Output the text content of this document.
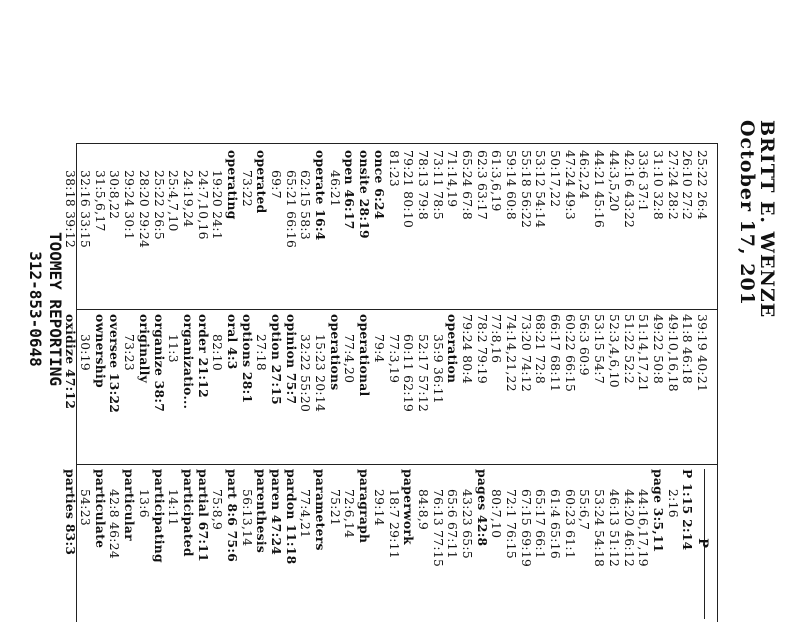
BRITT E. WENZE
October 17, 201
25:22 26:4
26:10 27:2
27:24 28:2
31:10 32:8
33:6 37:1
42:16 43:22
44:3,5,20
44:21 45:16
46:2,24
47:24 49:3
50:17,22
53:12 54:14
55:18 56:22
59:14 60:8
61:3,6,19
62:3 63:17
65:24 67:8
71:14,19
73:11 78:5
78:13 79:8
79:21 80:10
81:23
once 6:24
onsite 28:19
open 46:17
46:21
operate 16:4
62:15 58:3
65:21 66:16
69:7
operated
73:22
operating
19:20 24:1
24:7,10,16
24:19,24
25:4,7,10
25:22 26:5
28:20 29:24
29:24 30:1
30:8,22
31:5,6,17
32:16 33:15
38:18 39:12
39:19 40:21
41:8 46:18
49:10,16,18
49:22 50:8
51:14,17,21
51:22 52:2
52:3,4,6,10
53:15 54:7
56:3 60:9
60:22 66:15
66:17 68:11
68:21 72:8
73:20 74:12
74:14,21,22
77:8,16
78:2 79:19
79:24 80:4
operation
35:9 36:11
52:17 57:12
60:11 62:19
77:3,19
79:4
operational
77:4,20
operations
15:23 20:14
32:22 55:20
opinion 75:7
option 27:15
27:18
options 28:1
oral 4:3
82:10
order 21:12
organizatio...
11:3
organize 38:7
originally
73:23
oversee 13:22
ownership
30:19
oxidize 47:12
P
P 1:15 2:14
2:16
page 3:5,11
44:16,17,19
44:20 46:12
46:13 51:12
53:24 54:18
55:6,7
60:23 61:1
61:4 65:16
65:17 66:1
67:15 69:19
72:1 76:15
80:7,10
pages 42:8
43:23 65:5
65:6 67:11
76:13 77:15
84:8,9
paperwork
18:7 29:11
29:14
paragraph
72:6,14
75:21
parameters
77:4,21
pardon 11:18
paren 47:24
parenthesis
56:13,14
part 8:6 75:6
75:8,9
partial 67:11
participated
14:11
participating
13:6
particular
42:8 46:24
particulate
54:23
parties 83:3
TOOMEY REPORTING
312-853-0648
